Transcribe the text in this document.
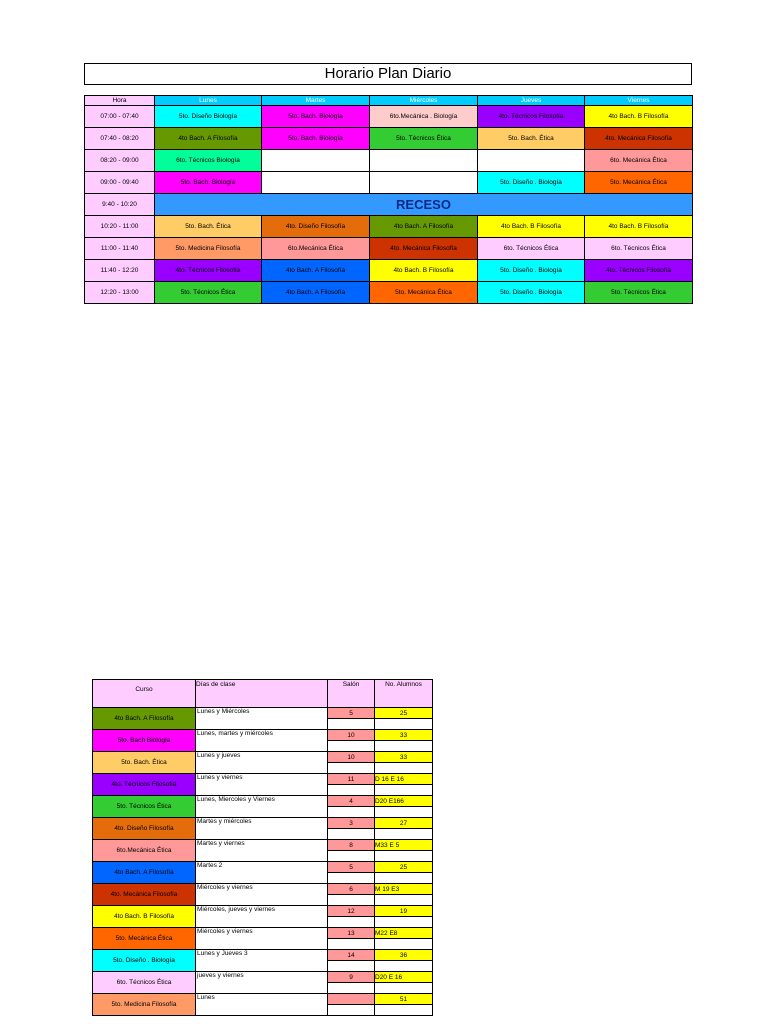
Horario Plan Diario
Hora	Lunes	Martes	Miércoles	Jueves	Viernes
07:00 - 07:40	5to. Diseño Biología	5to. Bach. Biología	6to.Mecánica . Biología	4to. Técnicos Filosofía	4to Bach. B Filosofía
07:40 - 08:20	4to Bach. A Filosofía	5to. Bach. Biología	5to. Técnicos Ética	5to. Bach. Ética	4to. Mecánica Filosofía
08:20 - 09:00	6to. Técnicos Biología				6to. Mecánica Ética
09:00 - 09:40	5to. Bach. Biología			5to. Diseño . Biología	5to. Mecánica Ética
9:40 - 10:20	RECESO				
10:20 - 11:00	5to. Bach. Ética	4to. Diseño Filosofía	4to Bach. A Filosofía	4to Bach. B Filosofía	4to Bach. B Filosofía
11:00 - 11:40	5to. Medicina Filosofía	6to.Mecánica Ética	4to. Mecánica Filosofía	6to. Técnicos Ética	6to. Técnicos Ética
11:40 - 12:20	4to. Técnicos Filosofía	4to Bach. A Filosofía	4to Bach. B Filosofía	5to. Diseño . Biología	4to. Técnicos Filosofía
12:20 - 13:00	5to. Técnicos Ética	4to Bach. A Filosofía	5to. Mecánica Ética	5to. Diseño . Biología	5to. Técnicos Ética
Curso	Días de clase	Salón	No. Alumnos
4to Bach. A Filosofía	Lunes y Miércoles	5	25

5to. Bach Biología	Lunes, martes y miércoles	10	33

5to. Bach. Ética	Lunes y jueves	10	33

4to. Técnicos Filosofía	Lunes y viernes	11	D 16 E 16

5to. Técnicos Ética	Lunes, Miercoles y Viernes	4	D20 E166

4to. Diseño Filosofía	Martes y miércoles	3	27

6to.Mecánica Ética	Martes y viernes	8	M33 E 5

4to Bach. A Filosofía	Martes 2	5	25

4to. Mecánica Filosofía	Miércoles y viernes	6	M 19 E3

4to Bach. B Filosofía	Miércoles, jueves y viernes	12	19

5to. Mecánica Ética	Miércoles y viernes	13	M22 E8

5to. Diseño . Biología	Lunes y Jueves 3	14	36

6to. Técnicos Ética	jueves y viernes	9	D20 E 16

5to. Medicina Filosofía	Lunes		51
